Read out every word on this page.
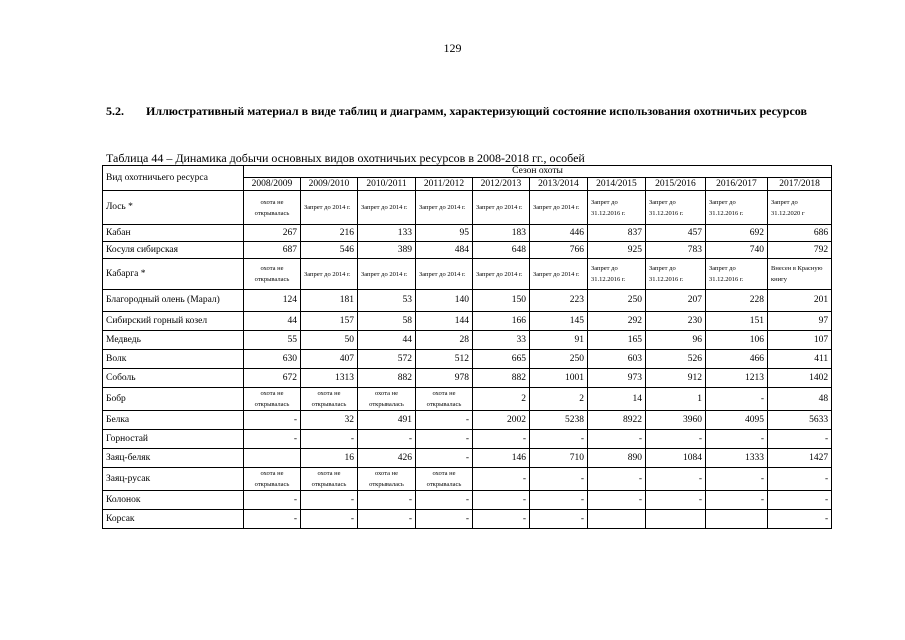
129
5.2. Иллюстративный материал в виде таблиц и диаграмм, характеризующий состояние использования охотничьих ресурсов
Таблица 44 – Динамика добычи основных видов охотничьих ресурсов в 2008-2018 гг., особей
Вид охотничьего ресурса	Сезон охоты									
	2008/2009	2009/2010	2010/2011	2011/2012	2012/2013	2013/2014	2014/2015	2015/2016	2016/2017	2017/2018
Лось *	охота не открывалась	Запрет до 2014 г.	Запрет до 2014 г.	Запрет до 2014 г.	Запрет до 2014 г.	Запрет до 2014 г.	Запрет до 31.12.2016 г.	Запрет до 31.12.2016 г.	Запрет до 31.12.2016 г.	Запрет до 31.12.2020 г
Кабан	267	216	133	95	183	446	837	457	692	686
Косуля сибирская	687	546	389	484	648	766	925	783	740	792
Кабарга *	охота не открывалась	Запрет до 2014 г.	Запрет до 2014 г.	Запрет до 2014 г.	Запрет до 2014 г.	Запрет до 2014 г.	Запрет до 31.12.2016 г.	Запрет до 31.12.2016 г.	Запрет до 31.12.2016 г.	Внесен в Красную книгу
Благородный олень (Марал)	124	181	53	140	150	223	250	207	228	201
Сибирский горный козел	44	157	58	144	166	145	292	230	151	97
Медведь	55	50	44	28	33	91	165	96	106	107
Волк	630	407	572	512	665	250	603	526	466	411
Соболь	672	1313	882	978	882	1001	973	912	1213	1402
Бобр	охота не открывалась	охота не открывалась	охота не открывалась	охота не открывалась	2	2	14	1	-	48
Белка	-	32	491	-	2002	5238	8922	3960	4095	5633
Горностай	-	-	-	-	-	-	-	-	-	-
Заяц-беляк		16	426	-	146	710	890	1084	1333	1427
Заяц-русак	охота не открывалась	охота не открывалась	охота не открывалась	охота не открывалась	-	-	-	-	-	-
Колонок	-	-	-	-	-	-	-	-	-	-
Корсак	-	-	-	-	-	-				-
